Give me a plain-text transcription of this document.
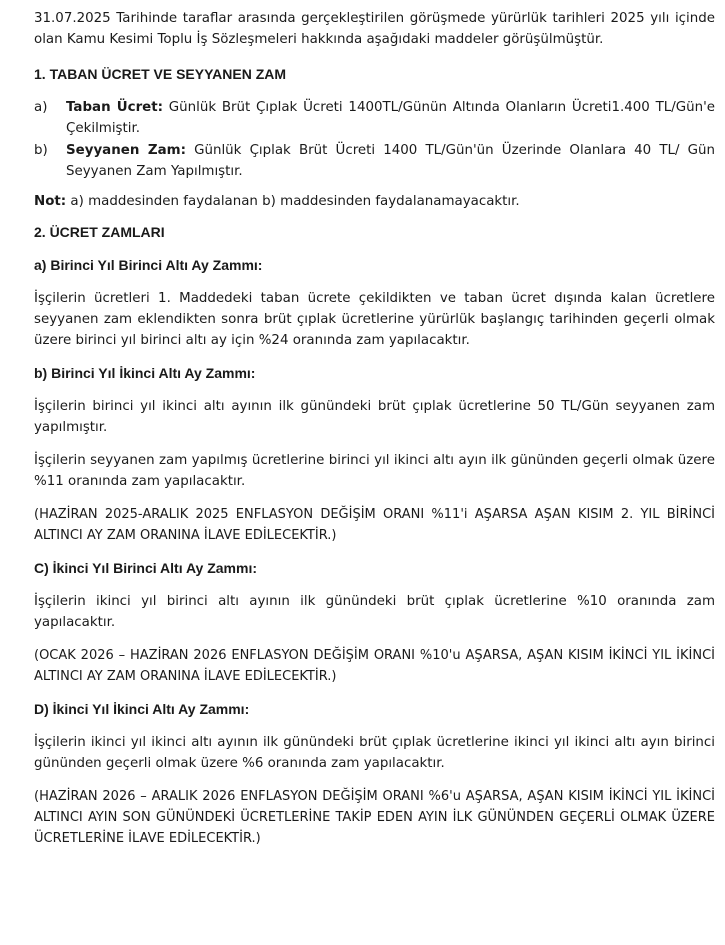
31.07.2025 Tarihinde taraflar arasında gerçekleştirilen görüşmede yürürlük tarihleri 2025 yılı içinde olan Kamu Kesimi Toplu İş Sözleşmeleri hakkında aşağıdaki maddeler görüşülmüştür.

1. TABAN ÜCRET VE SEYYANEN ZAM

a)	Taban Ücret: Günlük Brüt Çıplak Ücreti 1400TL/Günün Altında Olanların Ücreti1.400 TL/Gün'e Çekilmiştir.
b)	Seyyanen Zam: Günlük Çıplak Brüt Ücreti 1400 TL/Gün'ün Üzerinde Olanlara 40 TL/ Gün Seyyanen Zam Yapılmıştır.

Not: a) maddesinden faydalanan b) maddesinden faydalanamayacaktır.

2. ÜCRET ZAMLARI

a) Birinci Yıl Birinci Altı Ay Zammı:

İşçilerin ücretleri 1. Maddedeki taban ücrete çekildikten ve taban ücret dışında kalan ücretlere seyyanen zam eklendikten sonra brüt çıplak ücretlerine yürürlük başlangıç tarihinden geçerli olmak üzere birinci yıl birinci altı ay için %24 oranında zam yapılacaktır.

b) Birinci Yıl İkinci Altı Ay Zammı:

İşçilerin birinci yıl ikinci altı ayının ilk günündeki brüt çıplak ücretlerine 50 TL/Gün seyyanen zam yapılmıştır.

İşçilerin seyyanen zam yapılmış ücretlerine birinci yıl ikinci altı ayın ilk gününden geçerli olmak üzere %11 oranında zam yapılacaktır.

(HAZİRAN 2025-ARALIK 2025 ENFLASYON DEĞİŞİM ORANI %11'i AŞARSA AŞAN KISIM 2. YIL BİRİNCİ ALTINCI AY ZAM ORANINA İLAVE EDİLECEKTİR.)

C) İkinci Yıl Birinci Altı Ay Zammı:

İşçilerin ikinci yıl birinci altı ayının ilk günündeki brüt çıplak ücretlerine %10 oranında zam yapılacaktır.

(OCAK 2026 – HAZİRAN 2026 ENFLASYON DEĞİŞİM ORANI %10'u AŞARSA, AŞAN KISIM İKİNCİ YIL İKİNCİ ALTINCI AY ZAM ORANINA İLAVE EDİLECEKTİR.)

D) İkinci Yıl İkinci Altı Ay Zammı:

İşçilerin ikinci yıl ikinci altı ayının ilk günündeki brüt çıplak ücretlerine ikinci yıl ikinci altı ayın birinci gününden geçerli olmak üzere %6 oranında zam yapılacaktır.

(HAZİRAN 2026 – ARALIK 2026 ENFLASYON DEĞİŞİM ORANI %6'u AŞARSA, AŞAN KISIM İKİNCİ YIL İKİNCİ ALTINCI AYIN SON GÜNÜNDEKİ ÜCRETLERİNE TAKİP EDEN AYIN İLK GÜNÜNDEN GEÇERLİ OLMAK ÜZERE ÜCRETLERİNE İLAVE EDİLECEKTİR.)
